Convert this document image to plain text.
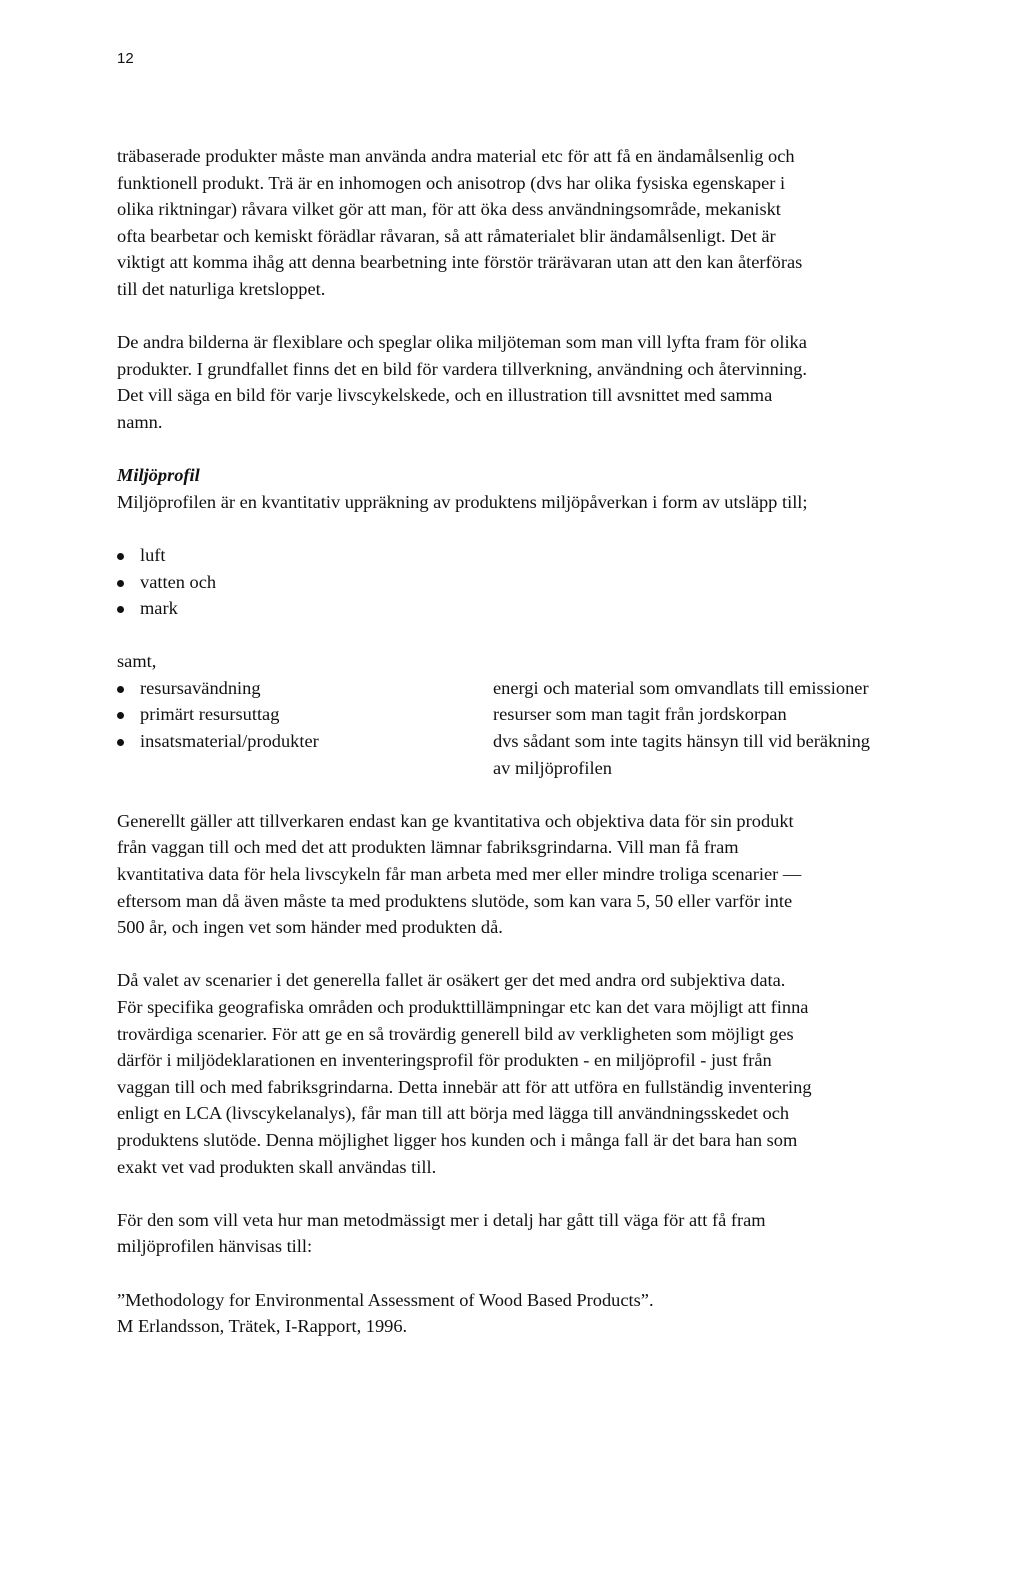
12
träbaserade produkter måste man använda andra material etc för att få en ändamålsenlig och
funktionell produkt. Trä är en inhomogen och anisotrop (dvs har olika fysiska egenskaper i
olika riktningar) råvara vilket gör att man, för att öka dess användningsområde, mekaniskt
ofta bearbetar och kemiskt förädlar råvaran, så att råmaterialet blir ändamålsenligt. Det är
viktigt att komma ihåg att denna bearbetning inte förstör trärävaran utan att den kan återföras
till det naturliga kretsloppet.
De andra bilderna är flexiblare och speglar olika miljöteman som man vill lyfta fram för olika
produkter. I grundfallet finns det en bild för vardera tillverkning, användning och återvinning.
Det vill säga en bild för varje livscykelskede, och en illustration till avsnittet med samma
namn.
Miljöprofil
Miljöprofilen är en kvantitativ uppräkning av produktens miljöpåverkan i form av utsläpp till;
luft
vatten och
mark
samt,
resursavändning	energi och material som omvandlats till emissioner
primärt resursuttag	resurser som man tagit från jordskorpan
insatsmaterial/produkter	dvs sådant som inte tagits hänsyn till vid beräkning
av miljöprofilen
Generellt gäller att tillverkaren endast kan ge kvantitativa och objektiva data för sin produkt
från vaggan till och med det att produkten lämnar fabriksgrindarna. Vill man få fram
kvantitativa data för hela livscykeln får man arbeta med mer eller mindre troliga scenarier —
eftersom man då även måste ta med produktens slutöde, som kan vara 5, 50 eller varför inte
500 år, och ingen vet som händer med produkten då.
Då valet av scenarier i det generella fallet är osäkert ger det med andra ord subjektiva data.
För specifika geografiska områden och produkttillämpningar etc kan det vara möjligt att finna
trovärdiga scenarier. För att ge en så trovärdig generell bild av verkligheten som möjligt ges
därför i miljödeklarationen en inventeringsprofil för produkten - en miljöprofil - just från
vaggan till och med fabriksgrindarna. Detta innebär att för att utföra en fullständig inventering
enligt en LCA (livscykelanalys), får man till att börja med lägga till användningsskedet och
produktens slutöde. Denna möjlighet ligger hos kunden och i många fall är det bara han som
exakt vet vad produkten skall användas till.
För den som vill veta hur man metodmässigt mer i detalj har gått till väga för att få fram
miljöprofilen hänvisas till:
”Methodology for Environmental Assessment of Wood Based Products”.
M Erlandsson, Trätek, I-Rapport, 1996.
